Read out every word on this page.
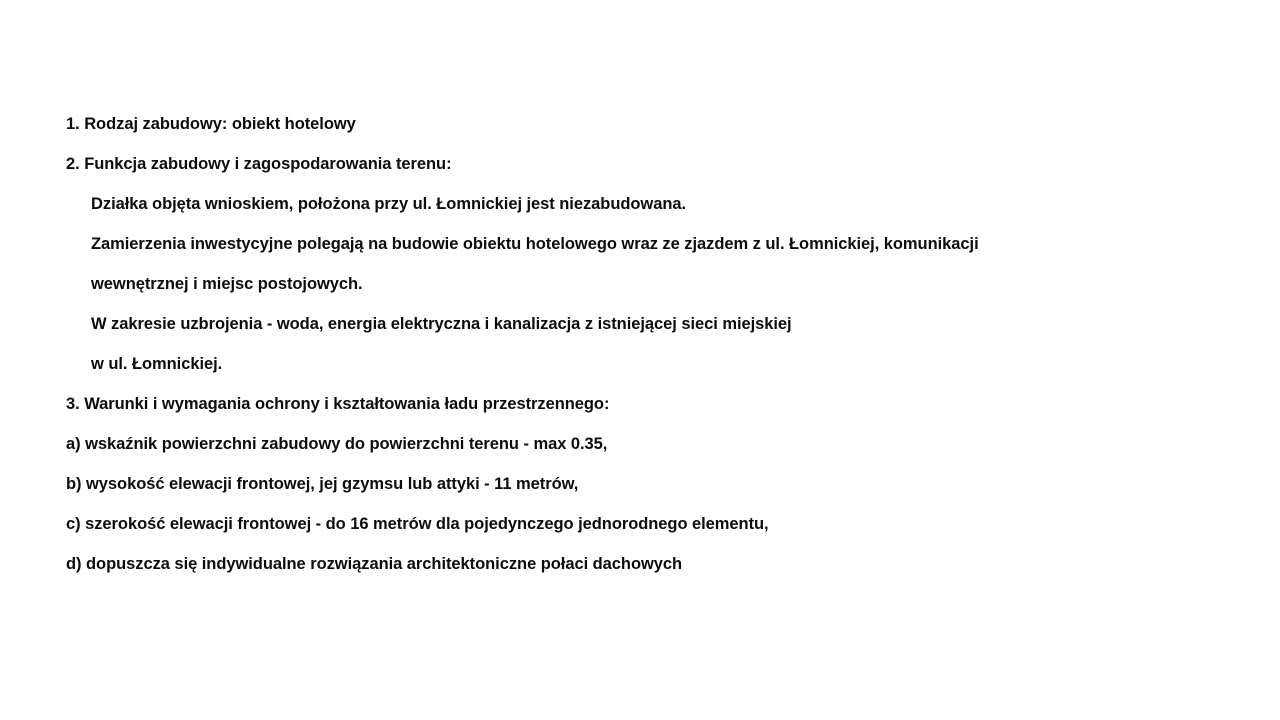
1. Rodzaj zabudowy: obiekt hotelowy
2. Funkcja zabudowy i zagospodarowania terenu:
Działka objęta wnioskiem, położona przy ul. Łomnickiej jest niezabudowana.
Zamierzenia inwestycyjne polegają na budowie obiektu hotelowego wraz ze zjazdem z ul. Łomnickiej, komunikacji
wewnętrznej i miejsc postojowych.
W zakresie uzbrojenia - woda, energia elektryczna i kanalizacja z istniejącej sieci miejskiej
w ul. Łomnickiej.
3. Warunki i wymagania ochrony i kształtowania ładu przestrzennego:
a) wskaźnik powierzchni zabudowy do powierzchni terenu - max 0.35,
b) wysokość elewacji frontowej, jej gzymsu lub attyki - 11 metrów,
c) szerokość elewacji frontowej - do 16 metrów dla pojedynczego jednorodnego elementu,
d) dopuszcza się indywidualne rozwiązania architektoniczne połaci dachowych
